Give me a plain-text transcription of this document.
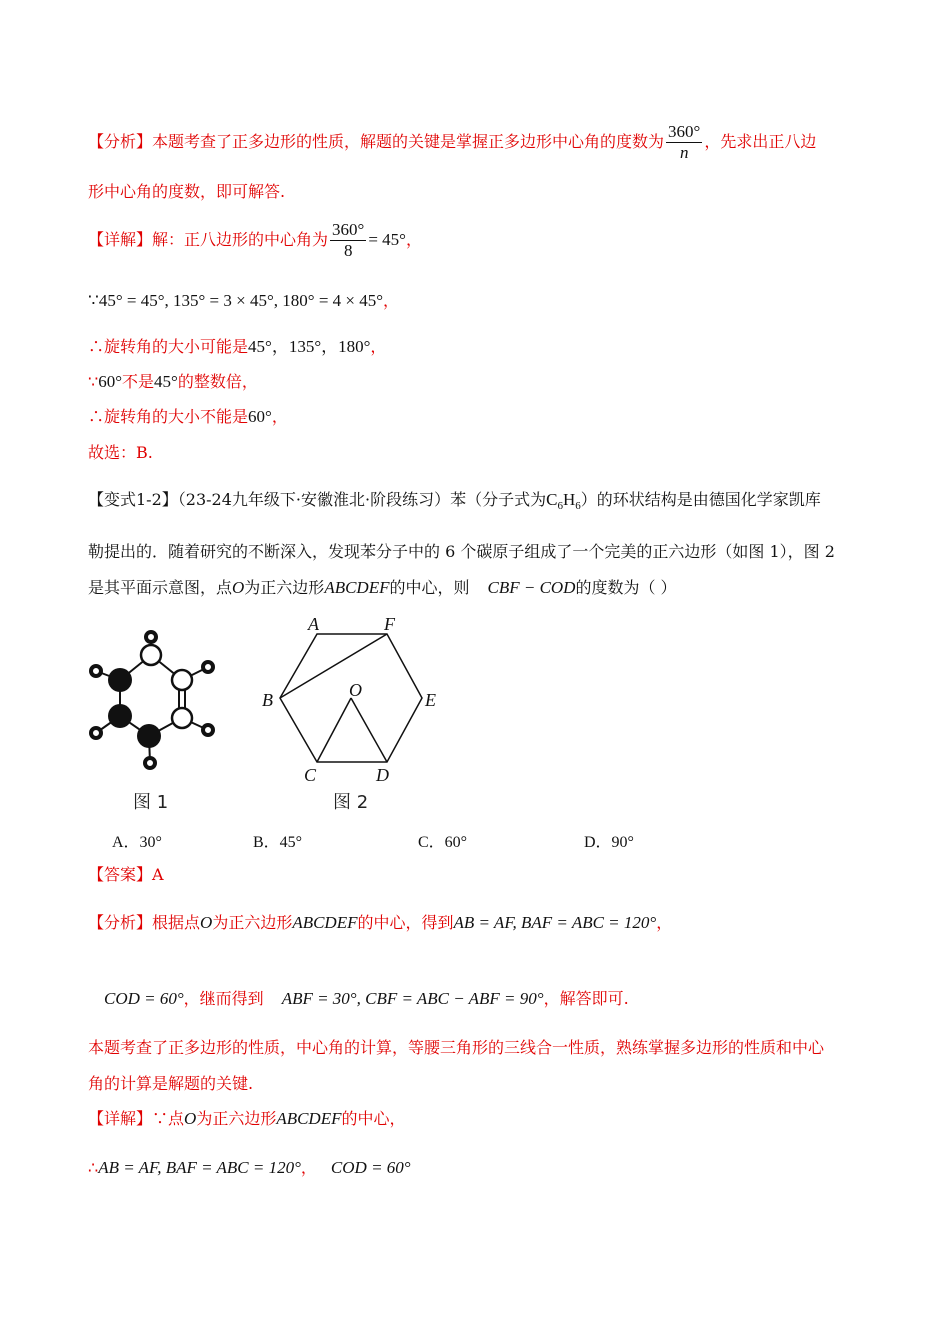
【分析】本题考查了正多边形的性质，解题的关键是掌握正多边形中心角的度数为 $\frac{360^\circ}{n}$ ，先求出正八边
形中心角的度数，即可解答.
【详解】解：正八边形的中心角为 $\frac{360^\circ}{8} = 45^\circ$，
∵45° = 45°, 135° = 3 × 45°, 180° = 4 × 45°，
∴旋转角的大小可能是45°，135°，180°，
∵60°不是45°的整数倍，
∴旋转角的大小不能是60°，
故选：B.
【变式1-2】（23-24九年级下·安徽淮北·阶段练习）苯（分子式为$C_6H_6$）的环状结构是由德国化学家凯库
勒提出的．随着研究的不断深入，发现苯分子中的 6 个碳原子组成了一个完美的正六边形（如图 1），图 2
是其平面示意图，点O为正六边形ABCDEF的中心，则 CBF − COD的度数为（ ）
图 1
A	F
B	O	E
C	D
图 2
A．30°	B．45°	C．60°	D．90°
【答案】A
【分析】根据点O为正六边形ABCDEF的中心，得到AB = AF, BAF = ABC = 120°，
COD = 60°，继而得到 ABF = 30°, CBF = ABC − ABF = 90°，解答即可.
本题考查了正多边形的性质，中心角的计算，等腰三角形的三线合一性质，熟练掌握多边形的性质和中心
角的计算是解题的关键.
【详解】∵点O为正六边形ABCDEF的中心，
∴AB = AF, BAF = ABC = 120°， COD = 60°
